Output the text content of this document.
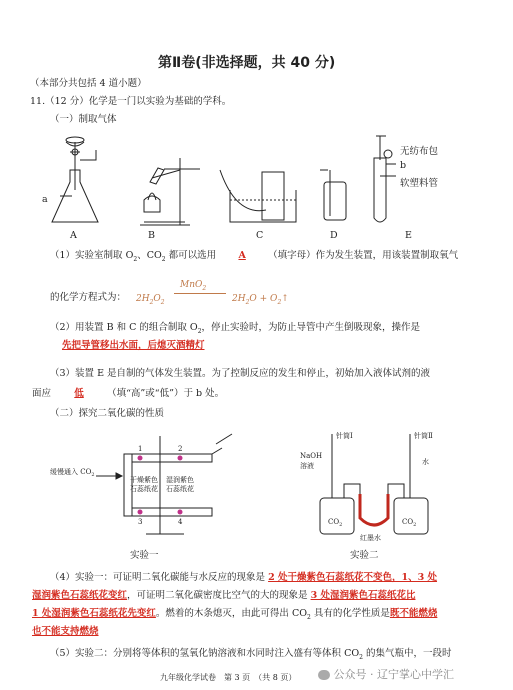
第Ⅱ卷(非选择题，共 40 分)
（本部分共包括 4 道小题）
11.（12 分）化学是一门以实验为基础的学科。
（一）制取气体
a
b
无纺布包
软塑料管
A	B	C	D	E
（1）实验室制取 $O_2$、$CO_2$ 都可以选用 A （填字母）作为发生装置，用该装置制取氧气
的化学方程式为： $2H_2O_2$
MnO$_2$
$2H_2O$ + $O_2↑$
（2）用装置 B 和 C 的组合制取 $O_2$，停止实验时，为防止导管中产生倒吸现象，操作是
先把导管移出水面，后熄灭酒精灯
（3）装置 E 是自制的气体发生装置。为了控制反应的发生和停止，初始加入液体试剂的液
面应 低 （填“高”或“低”）于 b 处。
（二）探究二氧化碳的性质
缓慢通入 $CO_2$
干燥紫色
石蕊纸花
湿润紫色
石蕊纸花
1	2
3	4
实验一
针筒Ⅰ	针筒Ⅱ
NaOH
溶液	水
$CO_2$	$CO_2$
红墨水
实验二
（4）实验一：可证明二氧化碳能与水反应的现象是 2 处干燥紫色石蕊纸花不变色，1、3 处
湿润紫色石蕊纸花变红，可证明二氧化碳密度比空气的大的现象是 3 处湿润紫色石蕊纸花比
1 处湿润紫色石蕊纸花先变红。燃着的木条熄灭，由此可得出 $CO_2$ 具有的化学性质是既不能燃烧
也不能支持燃烧
（5）实验二：分别将等体积的氢氧化钠溶液和水同时注入盛有等体积 $CO_2$ 的集气瓶中，一段时
九年级化学试卷　第 3 页　（共 8 页）	公众号 · 辽宁掌心中学汇
